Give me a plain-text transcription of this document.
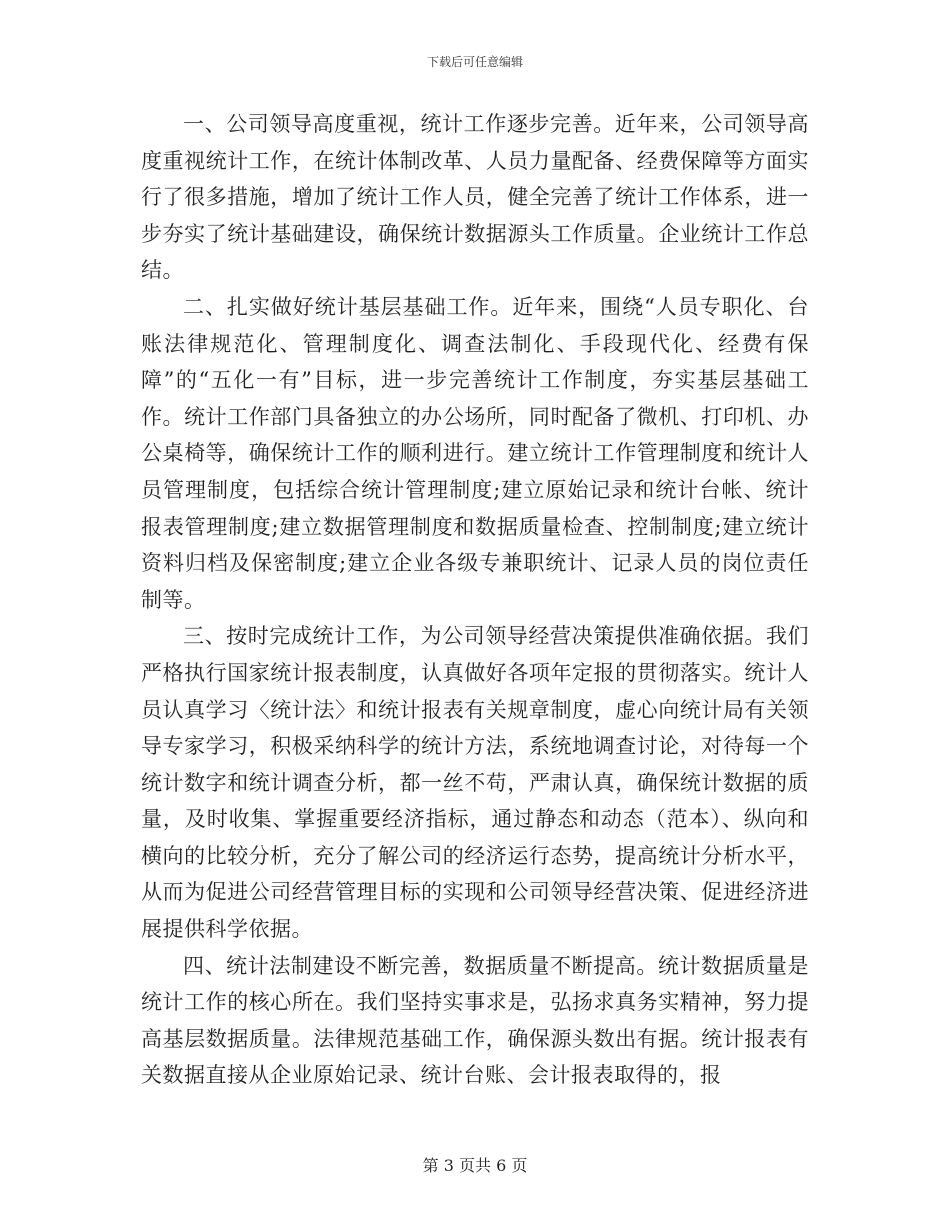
下载后可任意编辑

一、公司领导高度重视，统计工作逐步完善。近年来，公司领导高度重视统计工作，在统计体制改革、人员力量配备、经费保障等方面实行了很多措施，增加了统计工作人员，健全完善了统计工作体系，进一步夯实了统计基础建设，确保统计数据源头工作质量。企业统计工作总结。

二、扎实做好统计基层基础工作。近年来，围绕“人员专职化、台账法律规范化、管理制度化、调查法制化、手段现代化、经费有保障”的“五化一有”目标，进一步完善统计工作制度，夯实基层基础工作。统计工作部门具备独立的办公场所，同时配备了微机、打印机、办公桌椅等，确保统计工作的顺利进行。建立统计工作管理制度和统计人员管理制度，包括综合统计管理制度;建立原始记录和统计台帐、统计报表管理制度;建立数据管理制度和数据质量检查、控制制度;建立统计资料归档及保密制度;建立企业各级专兼职统计、记录人员的岗位责任制等。

三、按时完成统计工作，为公司领导经营决策提供准确依据。我们严格执行国家统计报表制度，认真做好各项年定报的贯彻落实。统计人员认真学习〈统计法〉和统计报表有关规章制度，虚心向统计局有关领导专家学习，积极采纳科学的统计方法，系统地调查讨论，对待每一个统计数字和统计调查分析，都一丝不苟，严肃认真，确保统计数据的质量，及时收集、掌握重要经济指标，通过静态和动态（范本）、纵向和横向的比较分析，充分了解公司的经济运行态势，提高统计分析水平，从而为促进公司经营管理目标的实现和公司领导经营决策、促进经济进展提供科学依据。

四、统计法制建设不断完善，数据质量不断提高。统计数据质量是统计工作的核心所在。我们坚持实事求是，弘扬求真务实精神，努力提高基层数据质量。法律规范基础工作，确保源头数出有据。统计报表有关数据直接从企业原始记录、统计台账、会计报表取得的，报

第 3 页共 6 页
